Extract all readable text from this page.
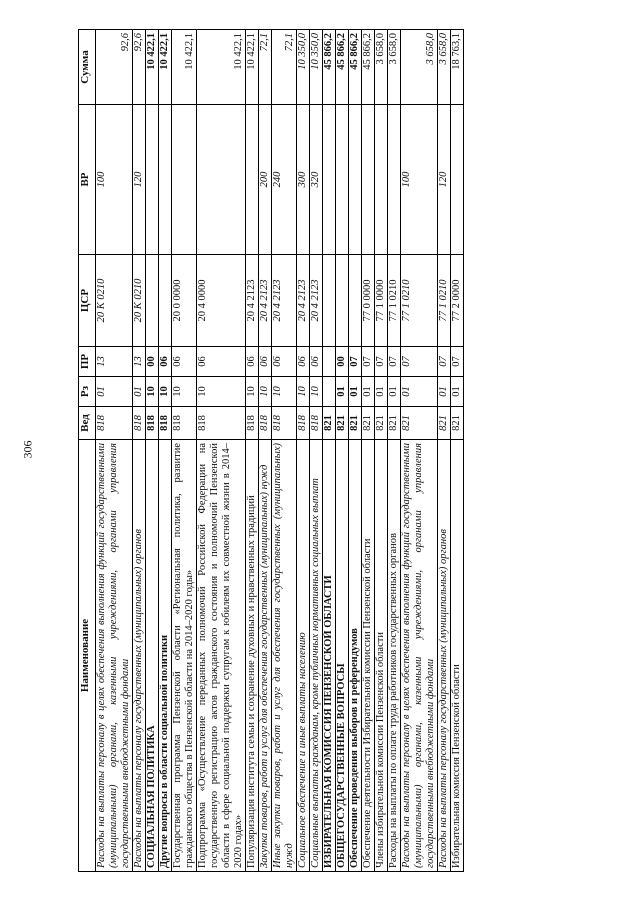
306
Наименование	Вед	Рз	ПР	ЦСР	ВР	Сумма
Расходы на выплаты персоналу в целях обеспечения выполнения функций государственными (муниципальными) органами, казенными учреждениями, органами управления государственными внебюджетными фондами	818	01	13	20 К 0210	100	92,6
Расходы на выплаты персоналу государственных (муниципальных) органов	818	01	13	20 К 0210	120	92,6
СОЦИАЛЬНАЯ ПОЛИТИКА	818	10	00			10 422,1
Другие вопросы в области социальной политики	818	10	06			10 422,1
Государственная программа Пензенской области «Региональная политика, развитие гражданского общества в Пензенской области на 2014–2020 годы»	818	10	06	20 0 0000		10 422,1
Подпрограмма «Осуществление переданных полномочий Российской Федерации на государственную регистрацию актов гражданского состояния и полномочий Пензенской области в сфере социальной поддержки супругам к юбилеям их совместной жизни в 2014–2020 годах»	818	10	06	20 4 0000		10 422,1
Популяризация института семьи и сохранение духовных и нравственных традиций	818	10	06	20 4 2123		10 422,1
Закупка товаров, работ и услуг для обеспечения государственных (муниципальных) нужд	818	10	06	20 4 2123	200	72,1
Иные закупки товаров, работ и услуг для обеспечения государственных (муниципальных) нужд	818	10	06	20 4 2123	240	72,1
Социальное обеспечение и иные выплаты населению	818	10	06	20 4 2123	300	10 350,0
Социальные выплаты гражданам, кроме публичных нормативных социальных выплат	818	10	06	20 4 2123	320	10 350,0
ИЗБИРАТЕЛЬНАЯ КОМИССИЯ ПЕНЗЕНСКОЙ ОБЛАСТИ	821					45 866,2
ОБЩЕГОСУДАРСТВЕННЫЕ ВОПРОСЫ	821	01	00			45 866,2
Обеспечение проведения выборов и референдумов	821	01	07			45 866,2
Обеспечение деятельности Избирательной комиссии Пензенской области	821	01	07	77 0 0000		45 866,2
Члены избирательной комиссии Пензенской области	821	01	07	77 1 0000		3 658,0
Расходы на выплаты по оплате труда работников государственных органов	821	01	07	77 1 0210		3 658,0
Расходы на выплаты персоналу в целях обеспечения выполнения функций государственными (муниципальными) органами, казенными учреждениями, органами управления государственными внебюджетными фондами	821	01	07	77 1 0210	100	3 658,0
Расходы на выплаты персоналу государственных (муниципальных) органов	821	01	07	77 1 0210	120	3 658,0
Избирательная комиссия Пензенской области	821	01	07	77 2 0000		18 763,1
